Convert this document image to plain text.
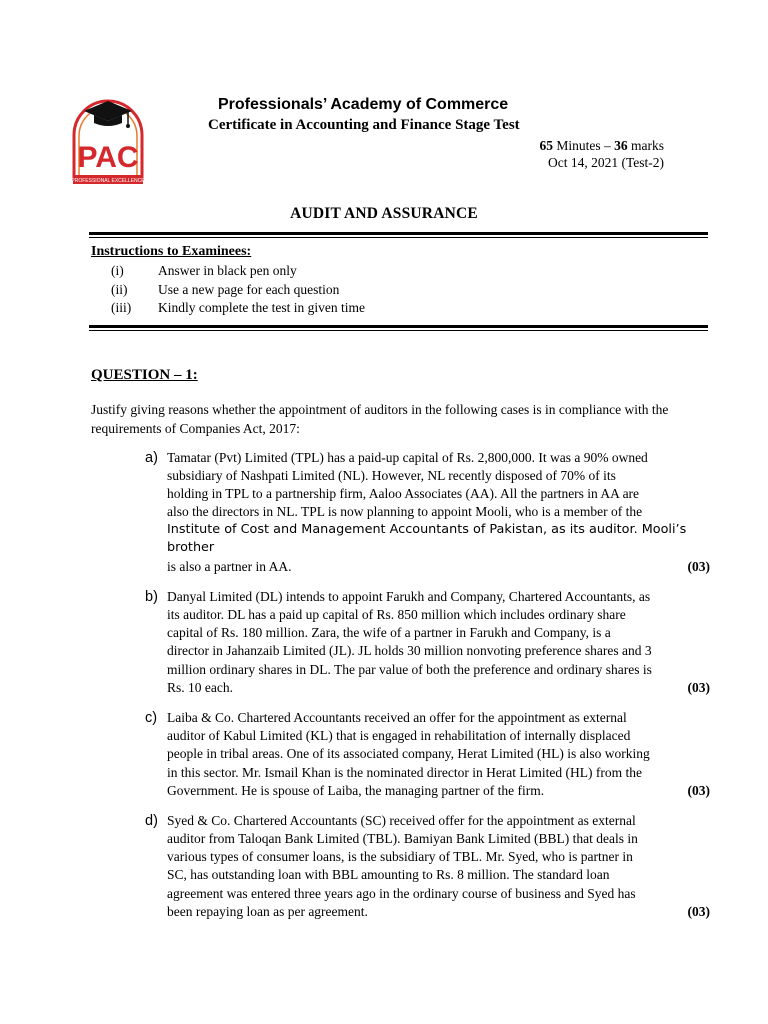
PAC
PROFESSIONAL EXCELLENCE
Professionals’ Academy of Commerce
Certificate in Accounting and Finance Stage Test
65 Minutes – 36 marks
Oct 14, 2021 (Test-2)
AUDIT AND ASSURANCE
Instructions to Examinees:
(i)	Answer in black pen only
(ii)	Use a new page for each question
(iii)	Kindly complete the test in given time
QUESTION – 1:
Justify giving reasons whether the appointment of auditors in the following cases is in compliance with the requirements of Companies Act, 2017:
a) Tamatar (Pvt) Limited (TPL) has a paid-up capital of Rs. 2,800,000. It was a 90% owned
subsidiary of Nashpati Limited (NL). However, NL recently disposed of 70% of its
holding in TPL to a partnership firm, Aaloo Associates (AA). All the partners in AA are
also the directors in NL. TPL is now planning to appoint Mooli, who is a member of the
Institute of Cost and Management Accountants of Pakistan, as its auditor. Mooli’s brother
is also a partner in AA.	(03)
b) Danyal Limited (DL) intends to appoint Farukh and Company, Chartered Accountants, as
its auditor. DL has a paid up capital of Rs. 850 million which includes ordinary share
capital of Rs. 180 million. Zara, the wife of a partner in Farukh and Company, is a
director in Jahanzaib Limited (JL). JL holds 30 million nonvoting preference shares and 3
million ordinary shares in DL. The par value of both the preference and ordinary shares is
Rs. 10 each.	(03)
c) Laiba & Co. Chartered Accountants received an offer for the appointment as external
auditor of Kabul Limited (KL) that is engaged in rehabilitation of internally displaced
people in tribal areas. One of its associated company, Herat Limited (HL) is also working
in this sector. Mr. Ismail Khan is the nominated director in Herat Limited (HL) from the
Government. He is spouse of Laiba, the managing partner of the firm.	(03)
d) Syed & Co. Chartered Accountants (SC) received offer for the appointment as external
auditor from Taloqan Bank Limited (TBL). Bamiyan Bank Limited (BBL) that deals in
various types of consumer loans, is the subsidiary of TBL. Mr. Syed, who is partner in
SC, has outstanding loan with BBL amounting to Rs. 8 million. The standard loan
agreement was entered three years ago in the ordinary course of business and Syed has
been repaying loan as per agreement.	(03)
